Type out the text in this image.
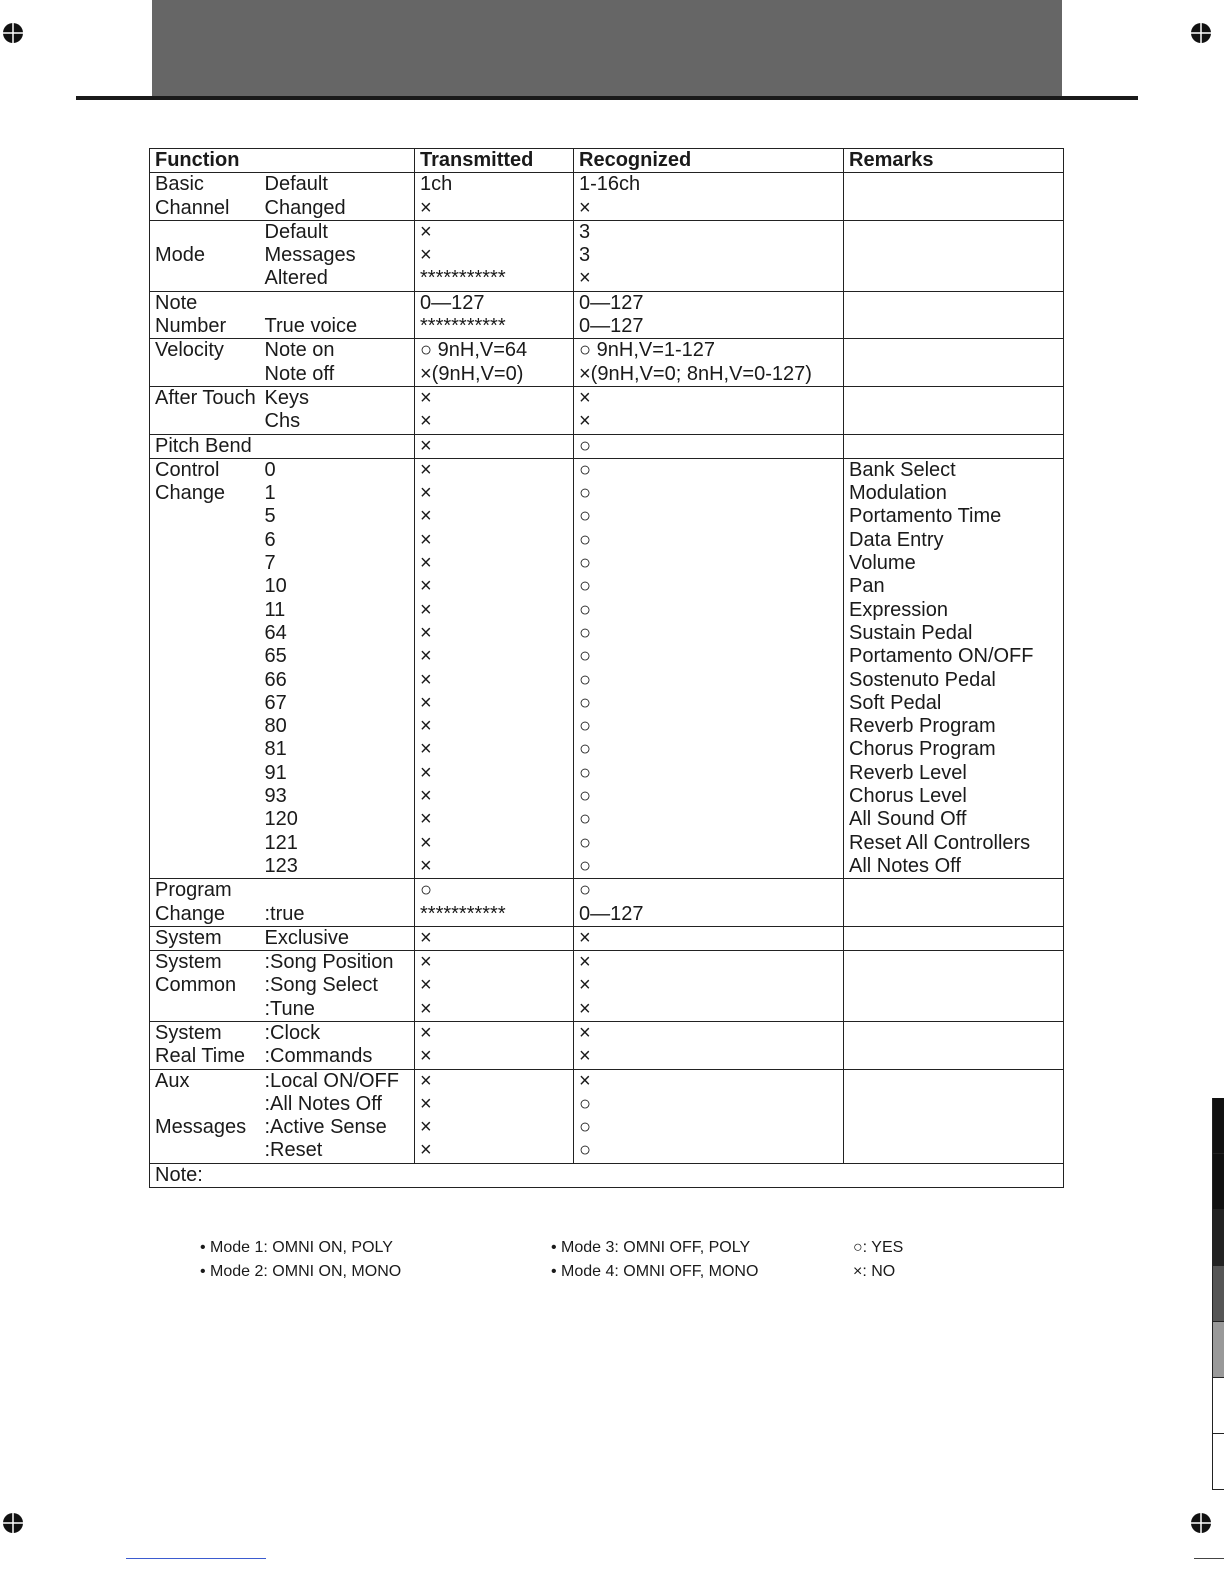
Function		Transmitted	Recognized	Remarks
Basic	Default	1ch	1-16ch	
Channel	Changed	×	×	
	Default	×	3	
Mode	Messages	×	3	
	Altered	***********	×	
Note		0—127	0—127	
Number	True voice	***********	0—127	
Velocity	Note on	○ 9nH,V=64	○ 9nH,V=1-127	
	Note off	×(9nH,V=0)	×(9nH,V=0; 8nH,V=0-127)	
After Touch	Keys	×	×	
	Chs	×	×	
Pitch Bend		×	○	
Control	0	×	○	Bank Select
Change	1	×	○	Modulation
	5	×	○	Portamento Time
	6	×	○	Data Entry
	7	×	○	Volume
	10	×	○	Pan
	11	×	○	Expression
	64	×	○	Sustain Pedal
	65	×	○	Portamento ON/OFF
	66	×	○	Sostenuto Pedal
	67	×	○	Soft Pedal
	80	×	○	Reverb Program
	81	×	○	Chorus Program
	91	×	○	Reverb Level
	93	×	○	Chorus Level
	120	×	○	All Sound Off
	121	×	○	Reset All Controllers
	123	×	○	All Notes Off
Program		○	○	
Change	:true	***********	0—127	
System	Exclusive	×	×	
System	:Song Position	×	×	
Common	:Song Select	×	×	
	:Tune	×	×	
System	:Clock	×	×	
Real Time	:Commands	×	×	
Aux	:Local ON/OFF	×	×	
	:All Notes Off	×	○	
Messages	:Active Sense	×	○	
	:Reset	×	○	
Note:				
• Mode 1: OMNI ON, POLY
• Mode 2: OMNI ON, MONO
• Mode 3: OMNI OFF, POLY
• Mode 4: OMNI OFF, MONO
○: YES
×: NO
